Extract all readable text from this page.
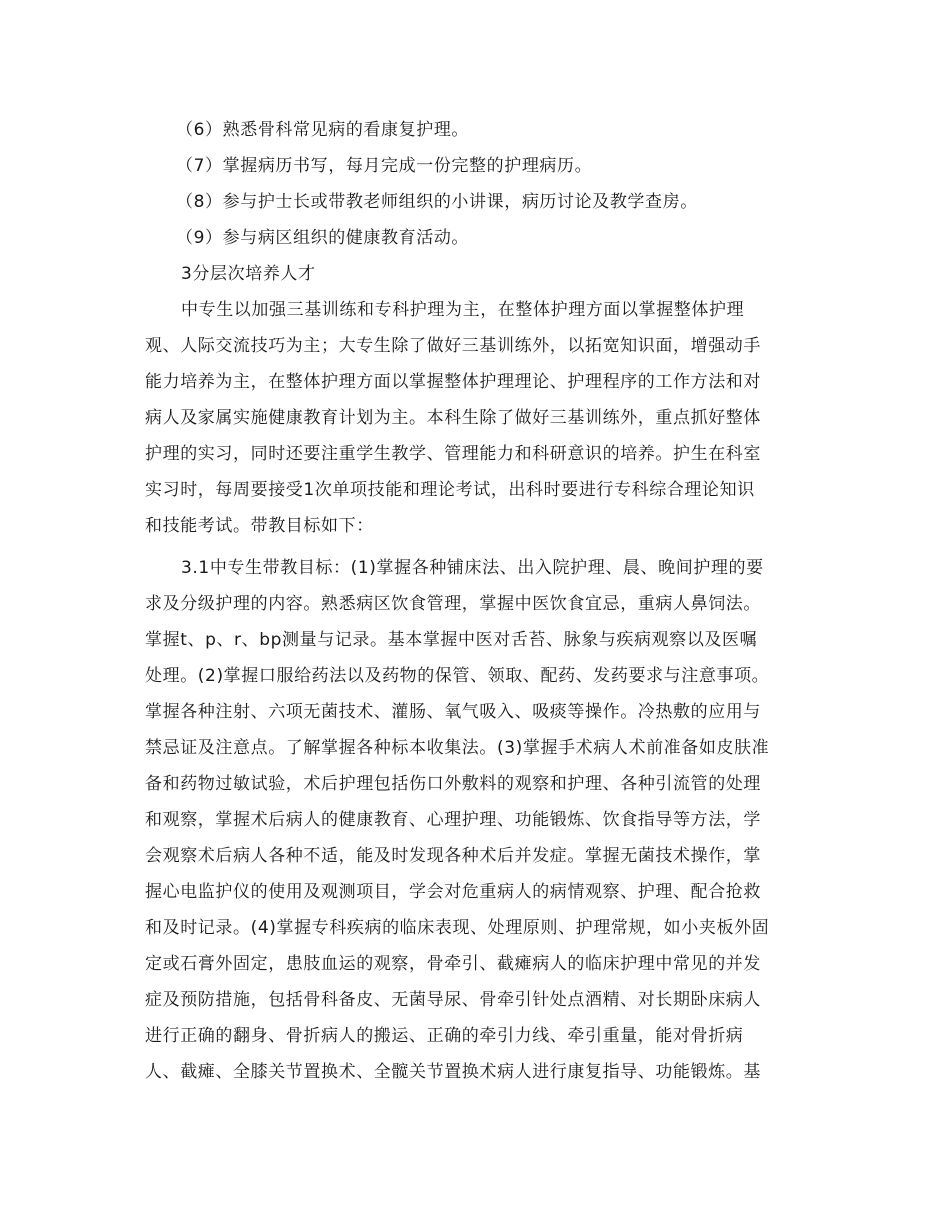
（6）熟悉骨科常见病的看康复护理。
（7）掌握病历书写，每月完成一份完整的护理病历。
（8）参与护士长或带教老师组织的小讲课，病历讨论及教学查房。
（9）参与病区组织的健康教育活动。
3分层次培养人才
中专生以加强三基训练和专科护理为主，在整体护理方面以掌握整体护理
观、人际交流技巧为主；大专生除了做好三基训练外，以拓宽知识面，增强动手
能力培养为主，在整体护理方面以掌握整体护理理论、护理程序的工作方法和对
病人及家属实施健康教育计划为主。本科生除了做好三基训练外，重点抓好整体
护理的实习，同时还要注重学生教学、管理能力和科研意识的培养。护生在科室
实习时，每周要接受1次单项技能和理论考试，出科时要进行专科综合理论知识
和技能考试。带教目标如下：
3.1中专生带教目标：(1)掌握各种铺床法、出入院护理、晨、晚间护理的要
求及分级护理的内容。熟悉病区饮食管理，掌握中医饮食宜忌，重病人鼻饲法。
掌握t、p、r、bp测量与记录。基本掌握中医对舌苔、脉象与疾病观察以及医嘱
处理。(2)掌握口服给药法以及药物的保管、领取、配药、发药要求与注意事项。
掌握各种注射、六项无菌技术、灌肠、氧气吸入、吸痰等操作。冷热敷的应用与
禁忌证及注意点。了解掌握各种标本收集法。(3)掌握手术病人术前准备如皮肤准
备和药物过敏试验，术后护理包括伤口外敷料的观察和护理、各种引流管的处理
和观察，掌握术后病人的健康教育、心理护理、功能锻炼、饮食指导等方法，学
会观察术后病人各种不适，能及时发现各种术后并发症。掌握无菌技术操作，掌
握心电监护仪的使用及观测项目，学会对危重病人的病情观察、护理、配合抢救
和及时记录。(4)掌握专科疾病的临床表现、处理原则、护理常规，如小夹板外固
定或石膏外固定，患肢血运的观察，骨牵引、截瘫病人的临床护理中常见的并发
症及预防措施，包括骨科备皮、无菌导尿、骨牵引针处点酒精、对长期卧床病人
进行正确的翻身、骨折病人的搬运、正确的牵引力线、牵引重量，能对骨折病
人、截瘫、全膝关节置换术、全髋关节置换术病人进行康复指导、功能锻炼。基
